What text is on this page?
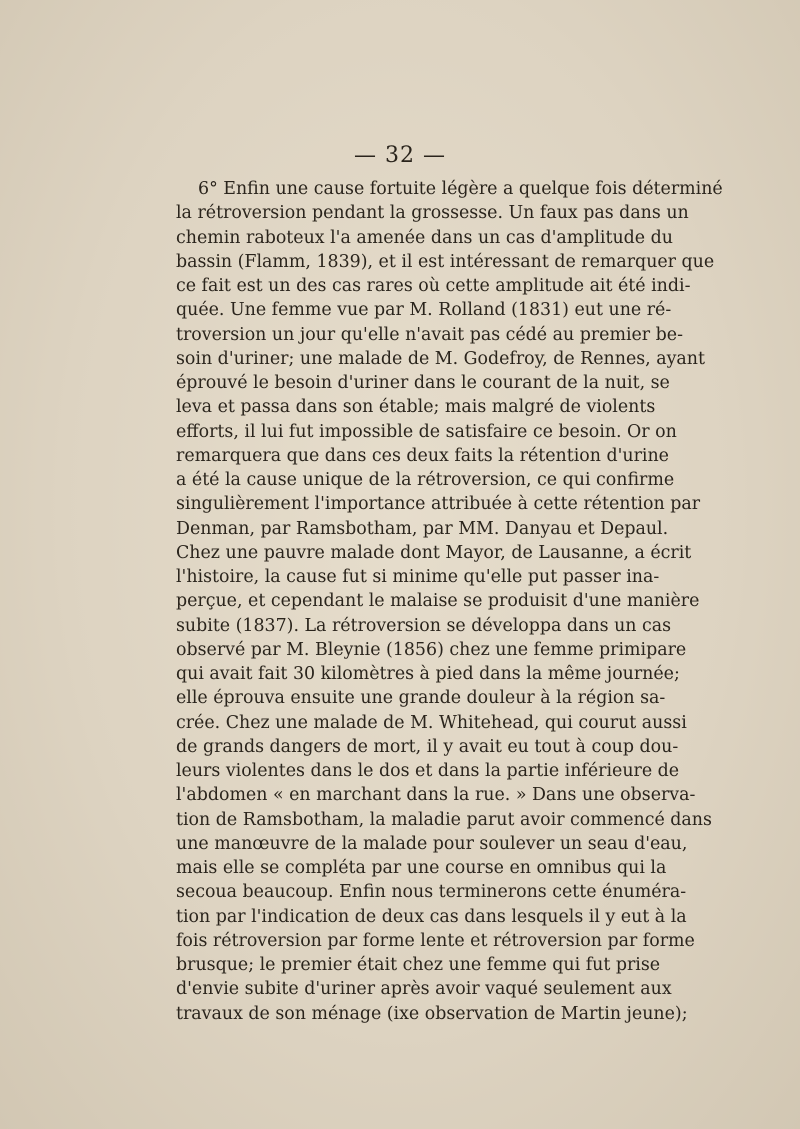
— 32 —
6° Enfin une cause fortuite légère a quelque fois déterminé
la rétroversion pendant la grossesse. Un faux pas dans un
chemin raboteux l'a amenée dans un cas d'amplitude du
bassin (Flamm, 1839), et il est intéressant de remarquer que
ce fait est un des cas rares où cette amplitude ait été indi-
quée. Une femme vue par M. Rolland (1831) eut une ré-
troversion un jour qu'elle n'avait pas cédé au premier be-
soin d'uriner; une malade de M. Godefroy, de Rennes, ayant
éprouvé le besoin d'uriner dans le courant de la nuit, se
leva et passa dans son étable; mais malgré de violents
efforts, il lui fut impossible de satisfaire ce besoin. Or on
remarquera que dans ces deux faits la rétention d'urine
a été la cause unique de la rétroversion, ce qui confirme
singulièrement l'importance attribuée à cette rétention par
Denman, par Ramsbotham, par MM. Danyau et Depaul.
Chez une pauvre malade dont Mayor, de Lausanne, a écrit
l'histoire, la cause fut si minime qu'elle put passer ina-
perçue, et cependant le malaise se produisit d'une manière
subite (1837). La rétroversion se développa dans un cas
observé par M. Bleynie (1856) chez une femme primipare
qui avait fait 30 kilomètres à pied dans la même journée;
elle éprouva ensuite une grande douleur à la région sa-
crée. Chez une malade de M. Whitehead, qui courut aussi
de grands dangers de mort, il y avait eu tout à coup dou-
leurs violentes dans le dos et dans la partie inférieure de
l'abdomen « en marchant dans la rue. » Dans une observa-
tion de Ramsbotham, la maladie parut avoir commencé dans
une manœuvre de la malade pour soulever un seau d'eau,
mais elle se compléta par une course en omnibus qui la
secoua beaucoup. Enfin nous terminerons cette énuméra-
tion par l'indication de deux cas dans lesquels il y eut à la
fois rétroversion par forme lente et rétroversion par forme
brusque; le premier était chez une femme qui fut prise
d'envie subite d'uriner après avoir vaqué seulement aux
travaux de son ménage (ixe observation de Martin jeune);
